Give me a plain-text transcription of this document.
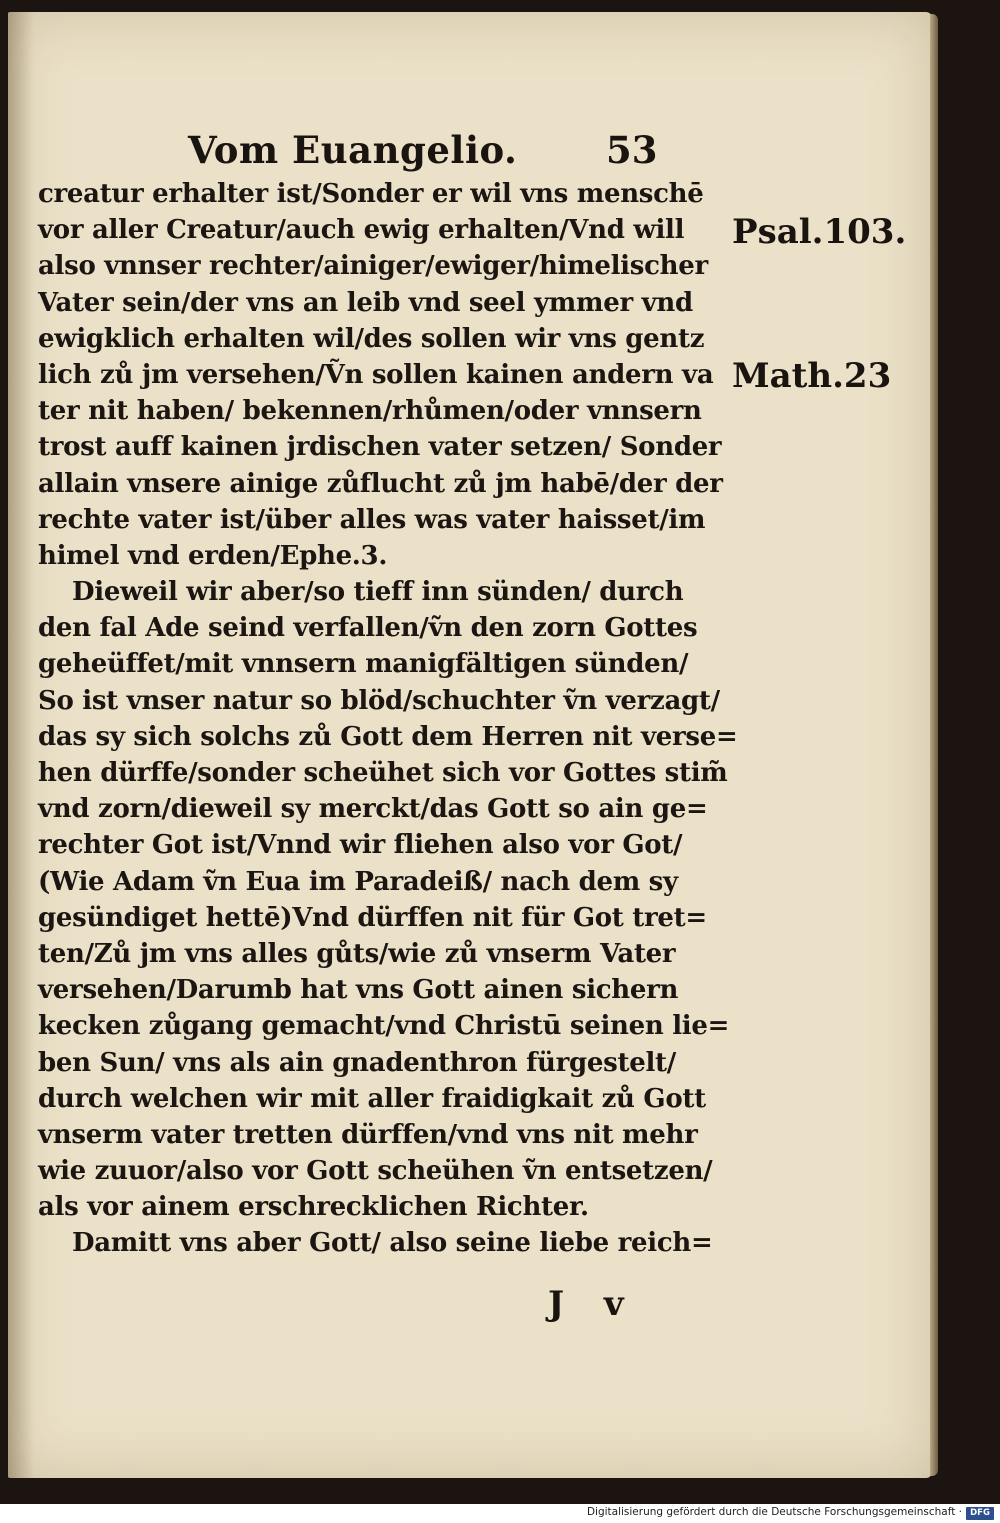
Vom Euangelio. 53
creatur erhalter ist/Sonder er wil vns menschē
vor aller Creatur/auch ewig erhalten/Vnd will
also vnnser rechter/ainiger/ewiger/himelischer
Vater sein/der vns an leib vnd seel ymmer vnd
ewigklich erhalten wil/des sollen wir vns gentz
lich zů jm versehen/Ṽn sollen kainen andern va
ter nit haben/ bekennen/rhůmen/oder vnnsern
trost auff kainen jrdischen vater setzen/ Sonder
allain vnsere ainige zůflucht zů jm habē/der der
rechte vater ist/über alles was vater haisset/im
himel vnd erden/Ephe.3.
Dieweil wir aber/so tieff inn sünden/ durch
den fal Ade seind verfallen/ṽn den zorn Gottes
geheüffet/mit vnnsern manigfältigen sünden/
So ist vnser natur so blöd/schuchter ṽn verzagt/
das sy sich solchs zů Gott dem Herren nit verse=
hen dürffe/sonder scheühet sich vor Gottes stim̃
vnd zorn/dieweil sy merckt/das Gott so ain ge=
rechter Got ist/Vnnd wir fliehen also vor Got/
(Wie Adam ṽn Eua im Paradeiß/ nach dem sy
gesündiget hettē)Vnd dürffen nit für Got tret=
ten/Zů jm vns alles gůts/wie zů vnserm Vater
versehen/Darumb hat vns Gott ainen sichern
kecken zůgang gemacht/vnd Christū seinen lie=
ben Sun/ vns als ain gnadenthron fürgestelt/
durch welchen wir mit aller fraidigkait zů Gott
vnserm vater tretten dürffen/vnd vns nit mehr
wie zuuor/also vor Gott scheühen ṽn entsetzen/
als vor ainem erschrecklichen Richter.
Damitt vns aber Gott/ also seine liebe reich=
Psal.103.
Math.23
J v
Digitalisierung gefördert durch die Deutsche Forschungsgemeinschaft · DFG
